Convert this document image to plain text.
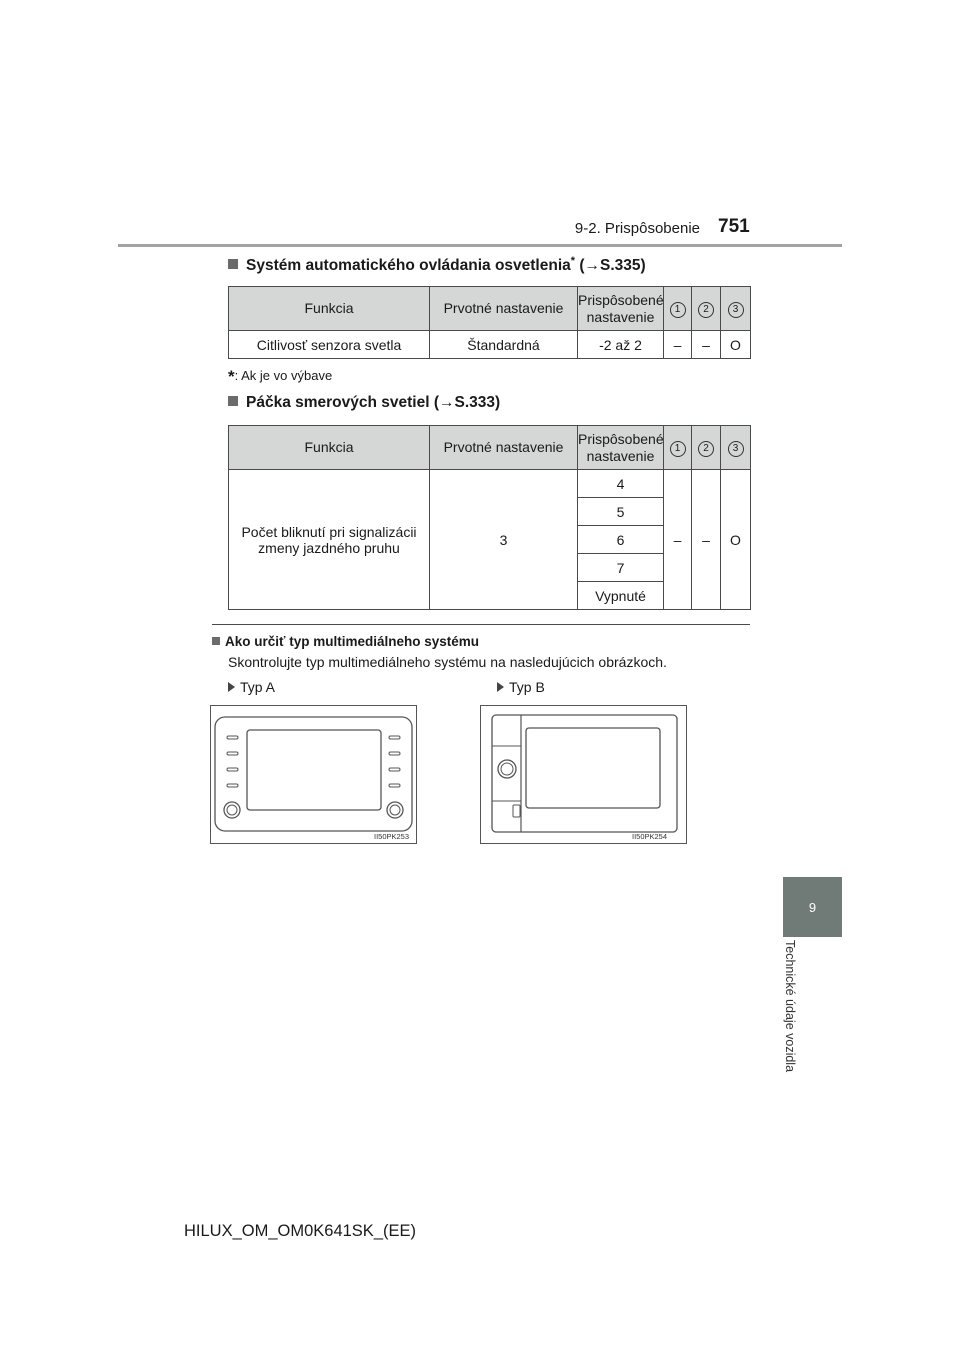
9-2. Prispôsobenie 751
9
Technické údaje vozidla
Systém automatického ovládania osvetlenia* (→S.335)
Funkcia	Prvotné nastavenie	Prispôsobené nastavenie	1	2	3
Citlivosť senzora svetla	Štandardná	-2 až 2	–	–	O
*: Ak je vo výbave
Páčka smerových svetiel (→S.333)
Funkcia	Prvotné nastavenie	Prispôsobené nastavenie	1	2	3
Počet bliknutí pri signalizácii zmeny jazdného pruhu	3	4	–	–	O
		5			
		6			
		7			
		Vypnuté			
Ako určiť typ multimediálneho systému
Skontrolujte typ multimediálneho systému na nasledujúcich obrázkoch.
Typ A	Typ B
II50PK253	II50PK254
HILUX_OM_OM0K641SK_(EE)
